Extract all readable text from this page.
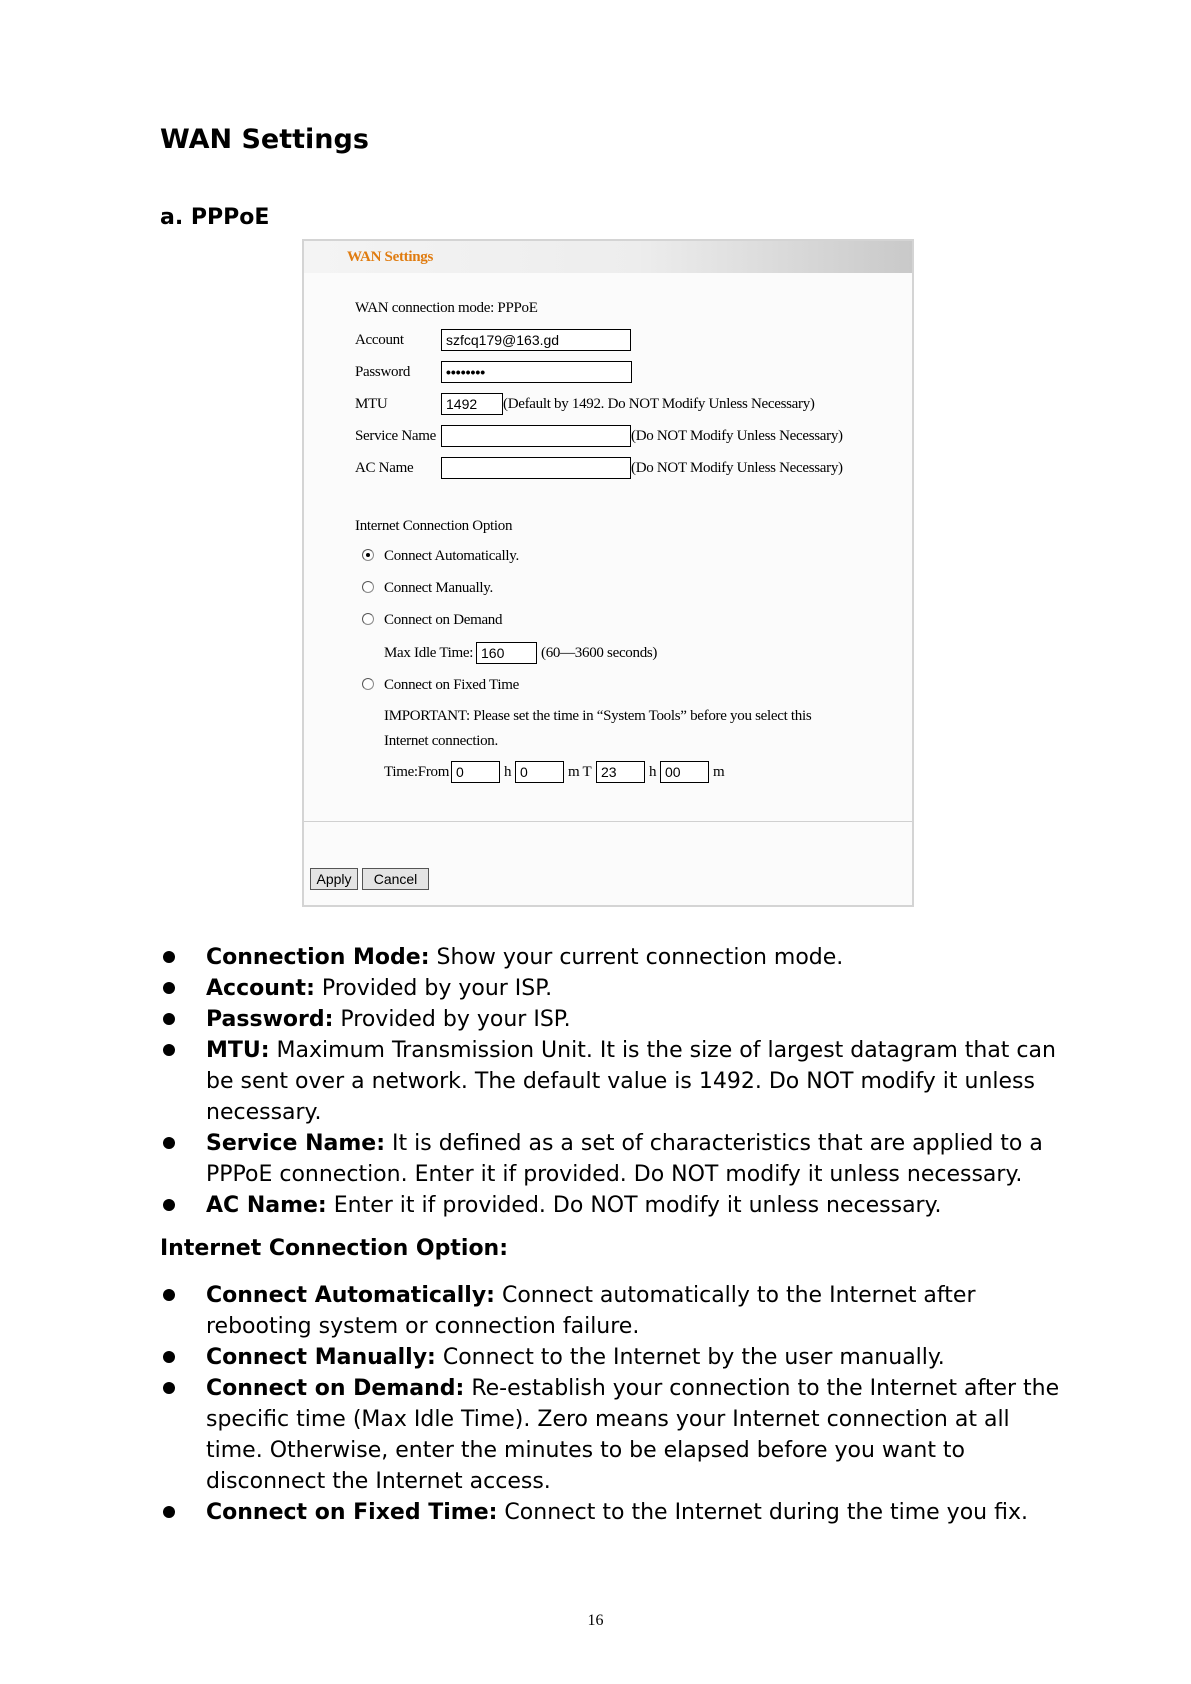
WAN Settings
a. PPPoE
WAN Settings
WAN connection mode: PPPoE
Account	szfcq179@163.gd
Password	••••••••
MTU	1492	(Default by 1492. Do NOT Modify Unless Necessary)
Service Name	(Do NOT Modify Unless Necessary)
AC Name	(Do NOT Modify Unless Necessary)
Internet Connection Option
Connect Automatically.
Connect Manually.
Connect on Demand
Max Idle Time: 160	(60—3600 seconds)
Connect on Fixed Time
IMPORTANT: Please set the time in “System Tools” before you select this
Internet connection.
Time:From 0	h 0	m T 23	h 00	m
Apply	Cancel
Connection Mode: Show your current connection mode.
Account: Provided by your ISP.
Password: Provided by your ISP.
MTU: Maximum Transmission Unit. It is the size of largest datagram that can be sent over a network. The default value is 1492. Do NOT modify it unless necessary.
Service Name: It is defined as a set of characteristics that are applied to a PPPoE connection. Enter it if provided. Do NOT modify it unless necessary.
AC Name: Enter it if provided. Do NOT modify it unless necessary.
Internet Connection Option:
Connect Automatically: Connect automatically to the Internet after rebooting system or connection failure.
Connect Manually: Connect to the Internet by the user manually.
Connect on Demand: Re-establish your connection to the Internet after the specific time (Max Idle Time). Zero means your Internet connection at all time. Otherwise, enter the minutes to be elapsed before you want to disconnect the Internet access.
Connect on Fixed Time: Connect to the Internet during the time you fix.
16
